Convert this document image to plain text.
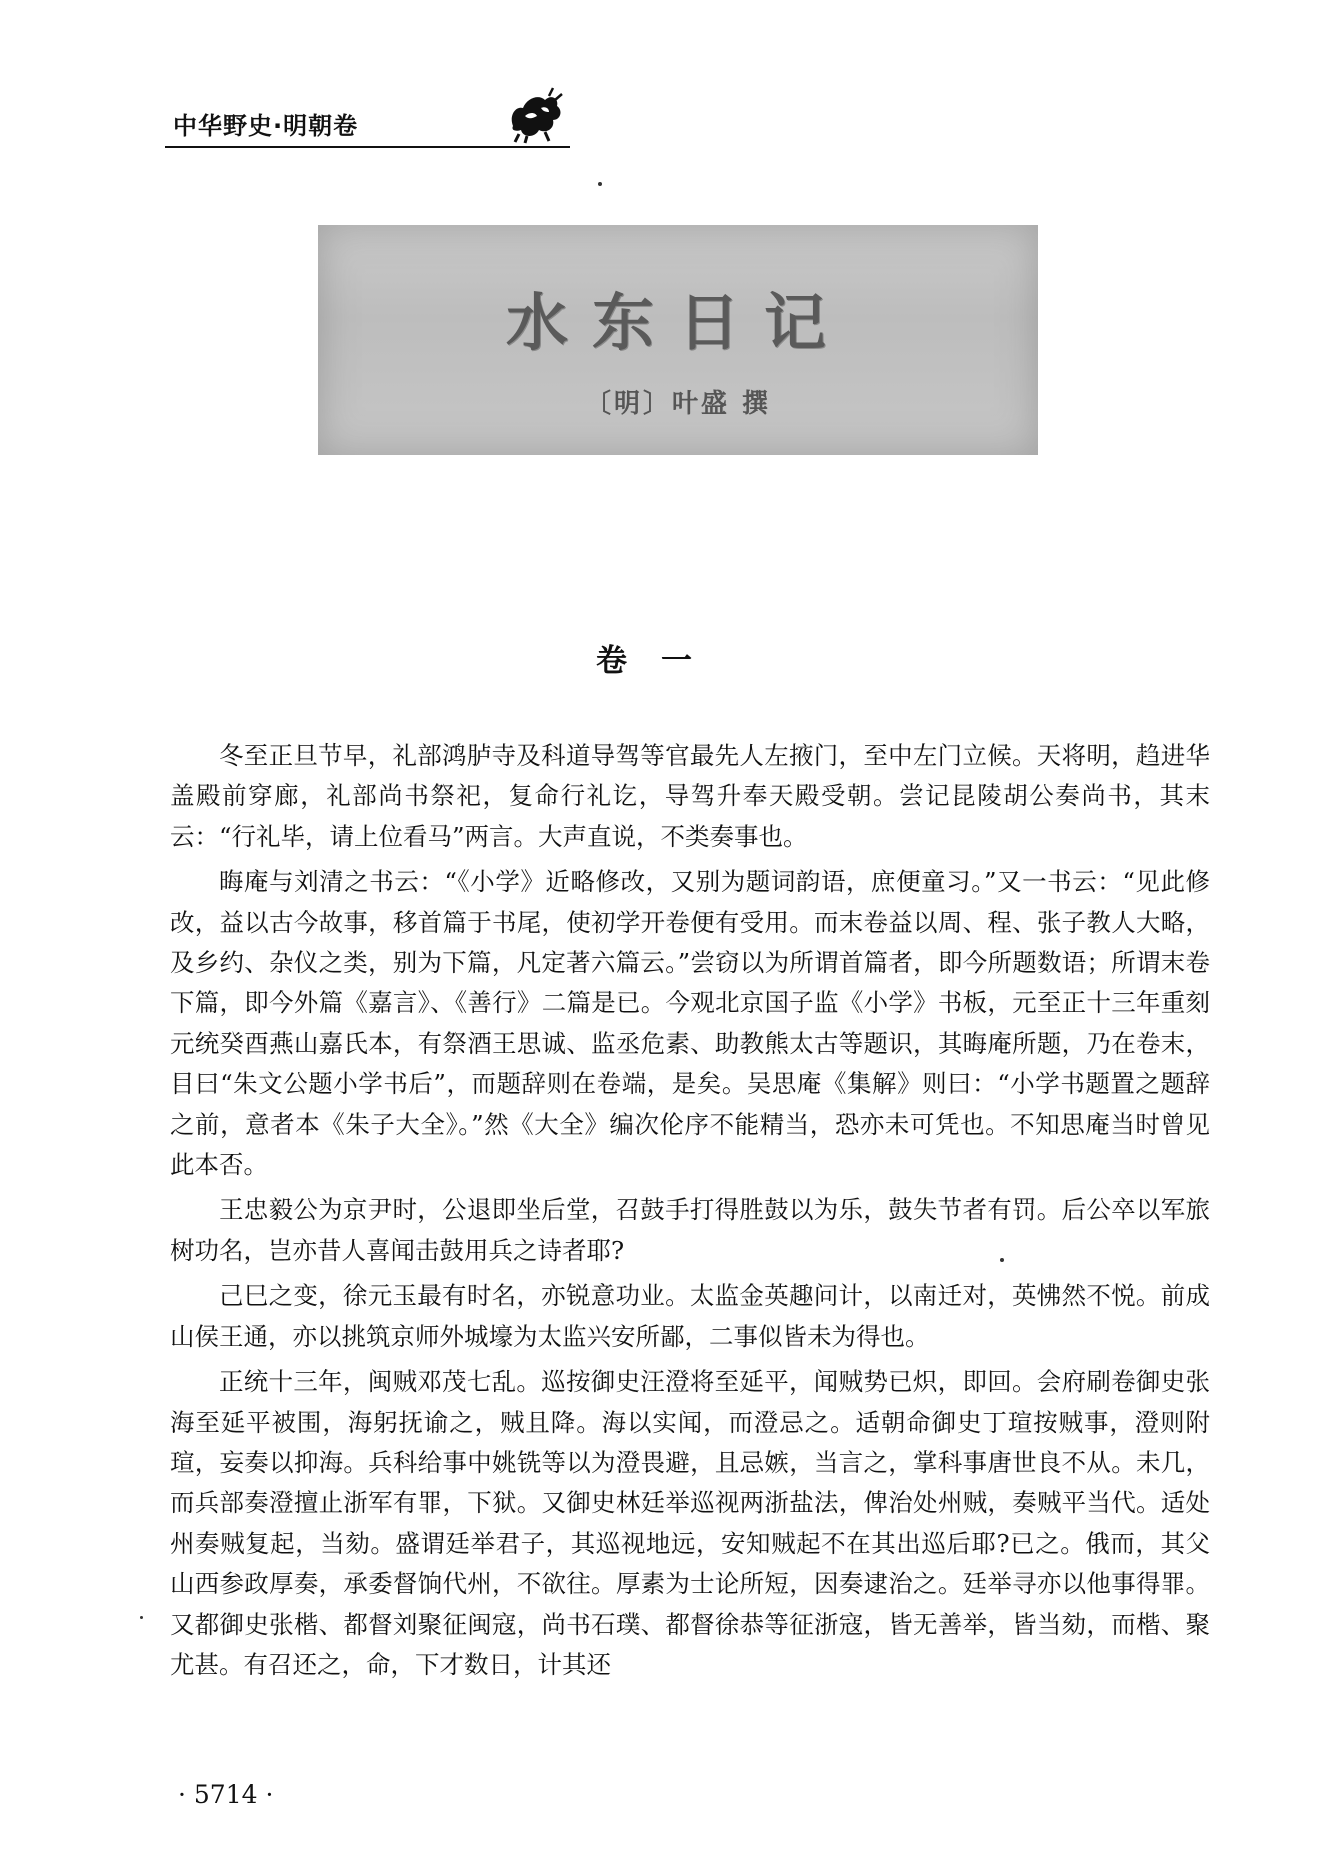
中华野史·明朝卷
水东日记
〔明〕叶盛 撰
卷一

冬至正旦节早，礼部鸿胪寺及科道导驾等官最先人左掖门，至中左门立候。天将明，趋进华盖殿前穿廊，礼部尚书祭祀，复命行礼讫，导驾升奉天殿受朝。尝记昆陵胡公奏尚书，其末云：“行礼毕，请上位看马”两言。大声直说，不类奏事也。

晦庵与刘清之书云：“《小学》近略修改，又别为题词韵语，庶便童习。”又一书云：“见此修改，益以古今故事，移首篇于书尾，使初学开卷便有受用。而末卷益以周、程、张子教人大略，及乡约、杂仪之类，别为下篇，凡定著六篇云。”尝窃以为所谓首篇者，即今所题数语；所谓末卷下篇，即今外篇《嘉言》、《善行》二篇是已。今观北京国子监《小学》书板，元至正十三年重刻元统癸酉燕山嘉氏本，有祭酒王思诚、监丞危素、助教熊太古等题识，其晦庵所题，乃在卷末，目曰“朱文公题小学书后”，而题辞则在卷端，是矣。吴思庵《集解》则曰：“小学书题置之题辞之前，意者本《朱子大全》。”然《大全》编次伦序不能精当，恐亦未可凭也。不知思庵当时曾见此本否。

王忠毅公为京尹时，公退即坐后堂，召鼓手打得胜鼓以为乐，鼓失节者有罚。后公卒以军旅树功名，岂亦昔人喜闻击鼓用兵之诗者耶?

己巳之变，徐元玉最有时名，亦锐意功业。太监金英趣问计，以南迁对，英怫然不悦。前成山侯王通，亦以挑筑京师外城壕为太监兴安所鄙，二事似皆未为得也。

正统十三年，闽贼邓茂七乱。巡按御史汪澄将至延平，闻贼势已炽，即回。会府刷卷御史张海至延平被围，海躬抚谕之，贼且降。海以实闻，而澄忌之。适朝命御史丁瑄按贼事，澄则附瑄，妄奏以抑海。兵科给事中姚铣等以为澄畏避，且忌嫉，当言之，掌科事唐世良不从。未几，而兵部奏澄擅止浙军有罪，下狱。又御史林廷举巡视两浙盐法，俾治处州贼，奏贼平当代。适处州奏贼复起，当劾。盛谓廷举君子，其巡视地远，安知贼起不在其出巡后耶?已之。俄而，其父山西参政厚奏，承委督饷代州，不欲往。厚素为士论所短，因奏逮治之。廷举寻亦以他事得罪。又都御史张楷、都督刘聚征闽寇，尚书石璞、都督徐恭等征浙寇，皆无善举，皆当劾，而楷、聚尤甚。有召还之，命，下才数日，计其还

· 5714 ·
